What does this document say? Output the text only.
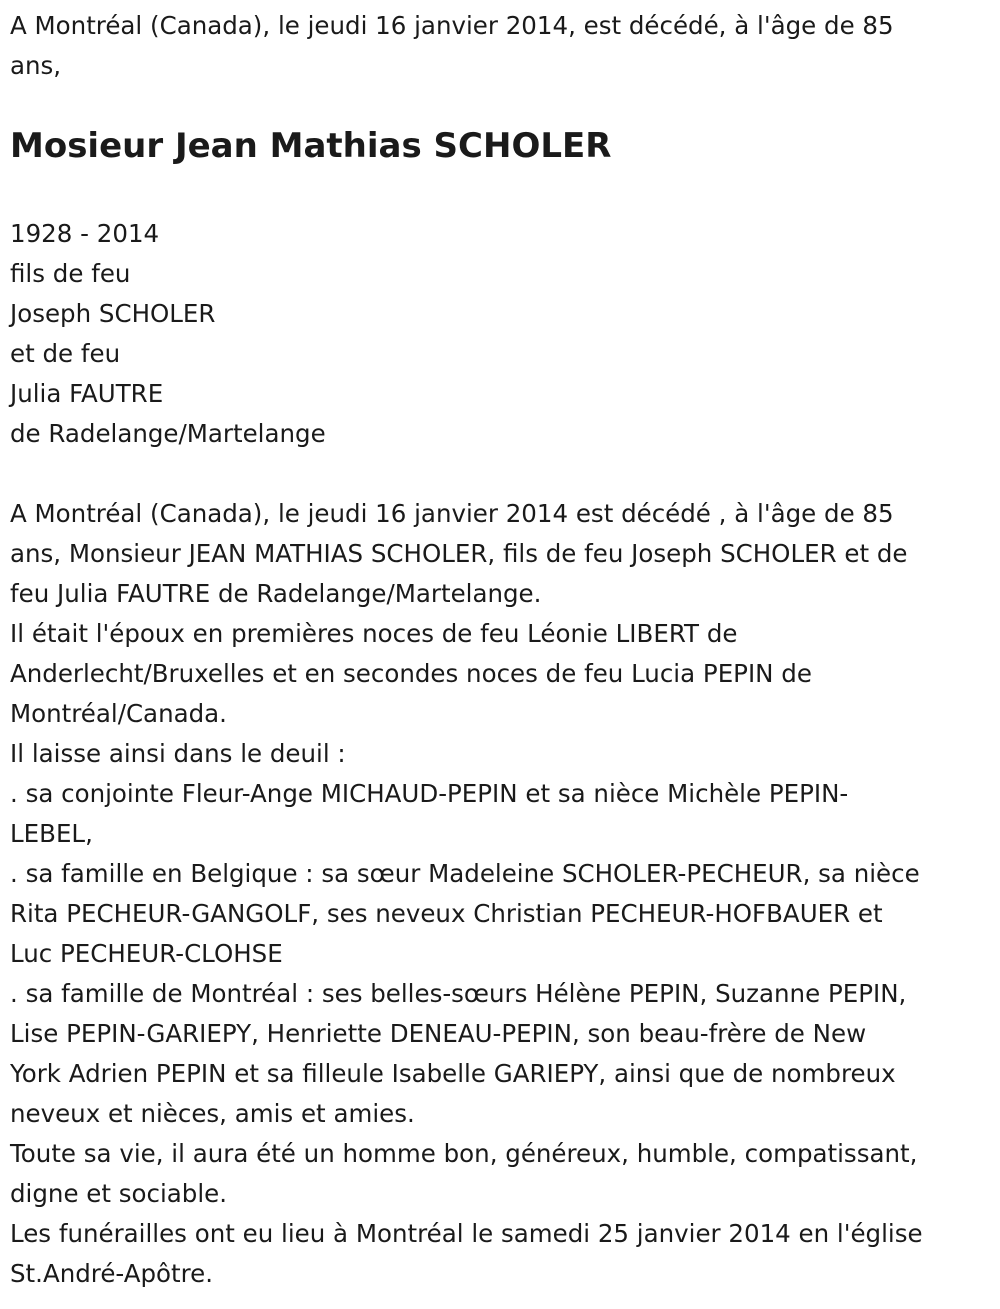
A Montréal (Canada), le jeudi 16 janvier 2014, est décédé, à l'âge de 85
ans,
Mosieur Jean Mathias SCHOLER
1928 - 2014
fils de feu
Joseph SCHOLER
et de feu
Julia FAUTRE
de Radelange/Martelange
A Montréal (Canada), le jeudi 16 janvier 2014 est décédé , à l'âge de 85
ans, Monsieur JEAN MATHIAS SCHOLER, fils de feu Joseph SCHOLER et de
feu Julia FAUTRE de Radelange/Martelange.
Il était l'époux en premières noces de feu Léonie LIBERT de
Anderlecht/Bruxelles et en secondes noces de feu Lucia PEPIN de
Montréal/Canada.
Il laisse ainsi dans le deuil :
. sa conjointe Fleur-Ange MICHAUD-PEPIN et sa nièce Michèle PEPIN-
LEBEL,
. sa famille en Belgique : sa sœur Madeleine SCHOLER-PECHEUR, sa nièce
Rita PECHEUR-GANGOLF, ses neveux Christian PECHEUR-HOFBAUER et
Luc PECHEUR-CLOHSE
. sa famille de Montréal : ses belles-sœurs Hélène PEPIN, Suzanne PEPIN,
Lise PEPIN-GARIEPY, Henriette DENEAU-PEPIN, son beau-frère de New
York Adrien PEPIN et sa filleule Isabelle GARIEPY, ainsi que de nombreux
neveux et nièces, amis et amies.
Toute sa vie, il aura été un homme bon, généreux, humble, compatissant,
digne et sociable.
Les funérailles ont eu lieu à Montréal le samedi 25 janvier 2014 en l'église
St.André-Apôtre.
